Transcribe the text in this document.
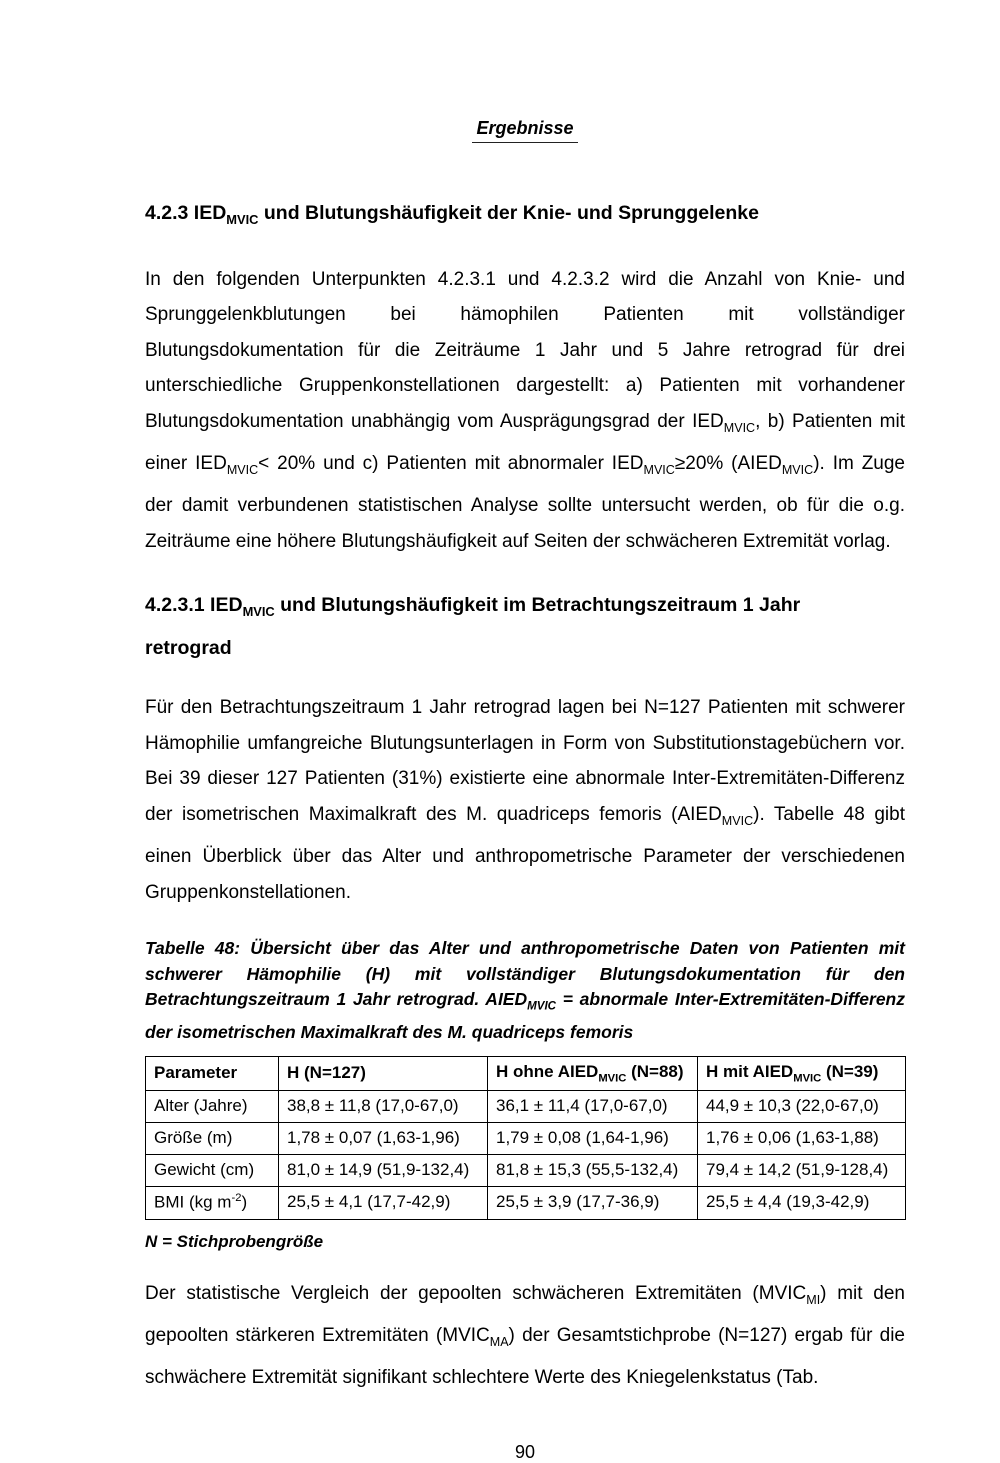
Ergebnisse
4.2.3 $IED_{MVIC}$ und Blutungshäufigkeit der Knie- und Sprunggelenke

In den folgenden Unterpunkten 4.2.3.1 und 4.2.3.2 wird die Anzahl von Knie- und Sprunggelenkblutungen bei hämophilen Patienten mit vollständiger Blutungsdokumentation für die Zeiträume 1 Jahr und 5 Jahre retrograd für drei unterschiedliche Gruppenkonstellationen dargestellt: a) Patienten mit vorhandener Blutungsdokumentation unabhängig vom Ausprägungsgrad der $IED_{MVIC}$, b) Patienten mit einer $IED_{MVIC}< 20\%$ und c) Patienten mit abnormaler $IED_{MVIC}\ge 20\%$ $(AIED_{MVIC})$. Im Zuge der damit verbundenen statistischen Analyse sollte untersucht werden, ob für die o.g. Zeiträume eine höhere Blutungshäufigkeit auf Seiten der schwächeren Extremität vorlag.

4.2.3.1 $IED_{MVIC}$ und Blutungshäufigkeit im Betrachtungszeitraum 1 Jahr retrograd

Für den Betrachtungszeitraum 1 Jahr retrograd lagen bei N=127 Patienten mit schwerer Hämophilie umfangreiche Blutungsunterlagen in Form von Substitutionstagebüchern vor. Bei 39 dieser 127 Patienten (31%) existierte eine abnormale Inter-Extremitäten-Differenz der isometrischen Maximalkraft des M. quadriceps femoris $(AIED_{MVIC})$. Tabelle 48 gibt einen Überblick über das Alter und anthropometrische Parameter der verschiedenen Gruppenkonstellationen.

Tabelle 48: Übersicht über das Alter und anthropometrische Daten von Patienten mit schwerer Hämophilie (H) mit vollständiger Blutungsdokumentation für den Betrachtungszeitraum 1 Jahr retrograd. $AIED_{MVIC}$ = abnormale Inter-Extremitäten-Differenz der isometrischen Maximalkraft des M. quadriceps femoris
Parameter	H (N=127)	H ohne $AIED_{MVIC}$ (N=88)	H mit $AIED_{MVIC}$ (N=39)
Alter (Jahre)	38,8 ± 11,8 (17,0-67,0)	36,1 ± 11,4 (17,0-67,0)	44,9 ± 10,3 (22,0-67,0)
Größe (m)	1,78 ± 0,07 (1,63-1,96)	1,79 ± 0,08 (1,64-1,96)	1,76 ± 0,06 (1,63-1,88)
Gewicht (cm)	81,0 ± 14,9 (51,9-132,4)	81,8 ± 15,3 (55,5-132,4)	79,4 ± 14,2 (51,9-128,4)
BMI (kg $m^{-2}$)	25,5 ± 4,1 (17,7-42,9)	25,5 ± 3,9 (17,7-36,9)	25,5 ± 4,4 (19,3-42,9)
N = Stichprobengröße

Der statistische Vergleich der gepoolten schwächeren Extremitäten $(MVIC_{MI})$ mit den gepoolten stärkeren Extremitäten $(MVIC_{MA})$ der Gesamtstichprobe (N=127) ergab für die schwächere Extremität signifikant schlechtere Werte des Kniegelenkstatus (Tab.

90
